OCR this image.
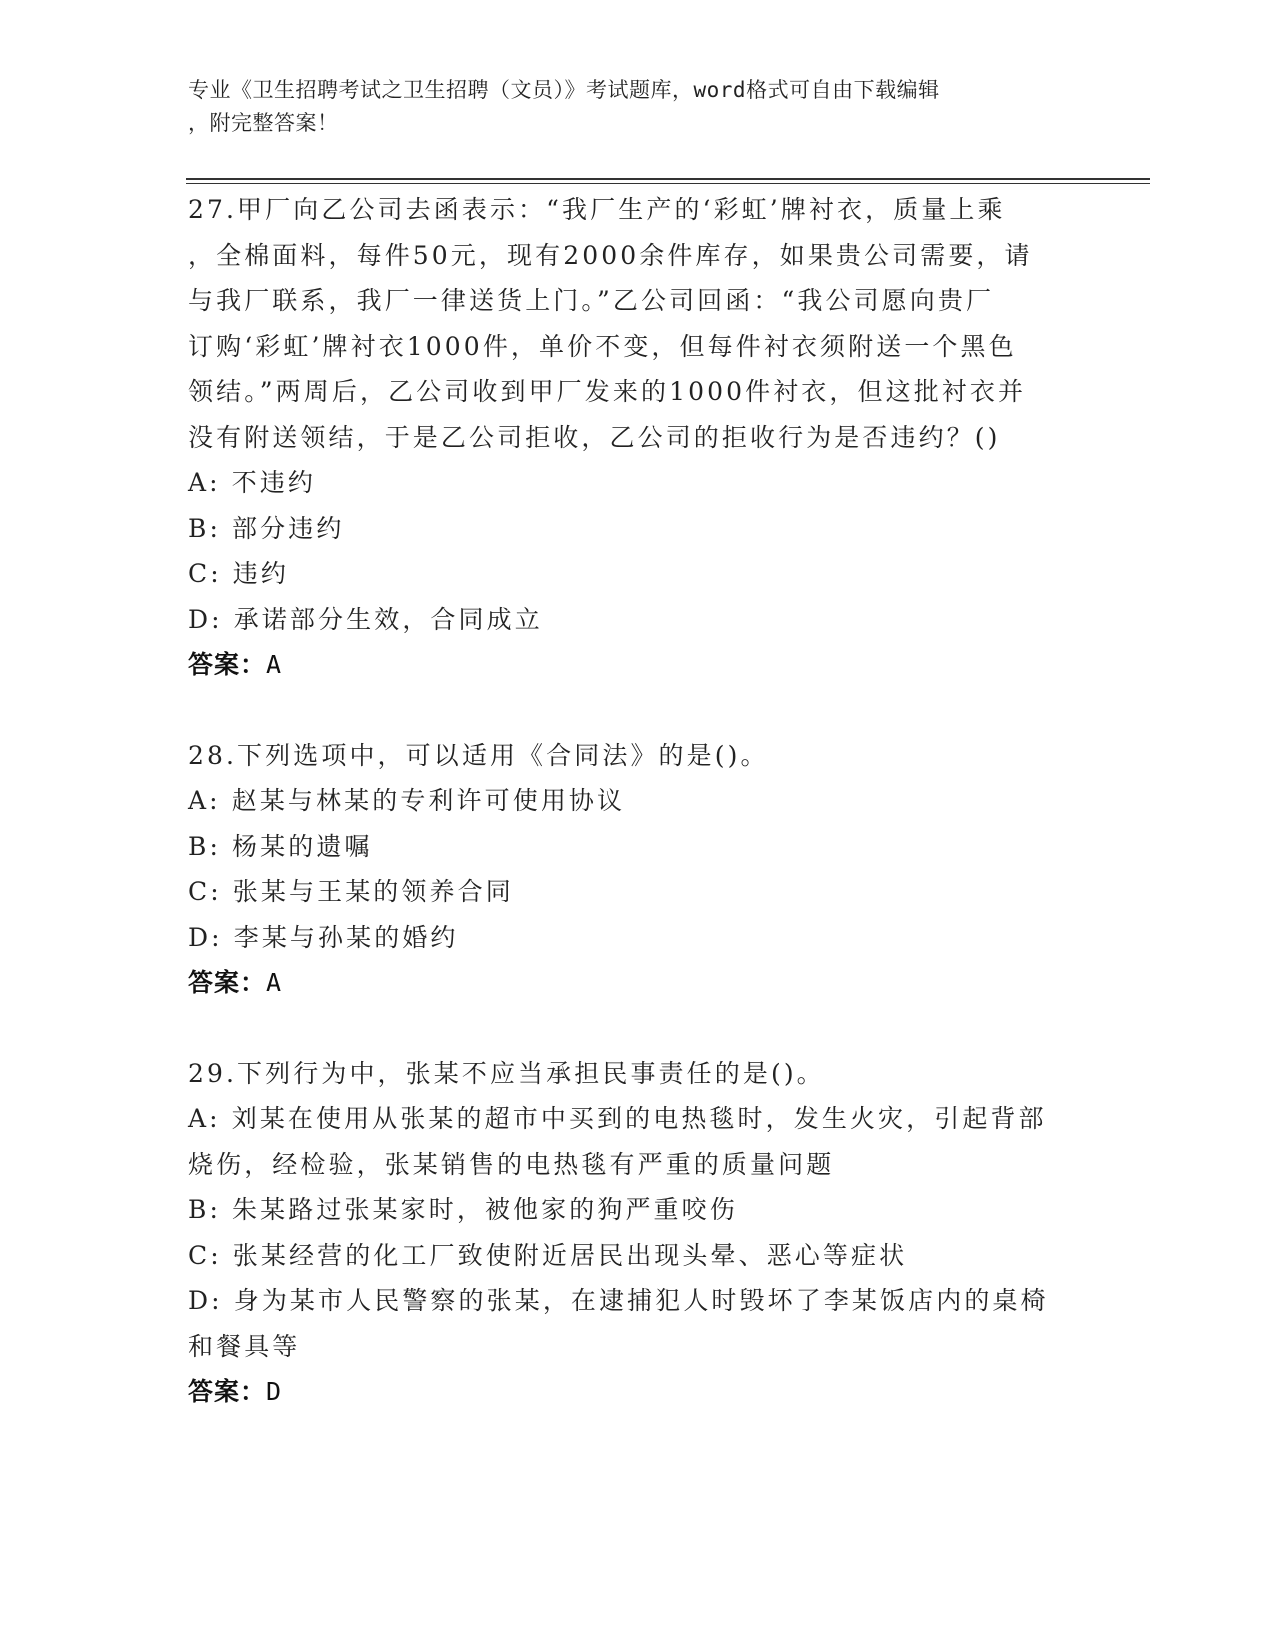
专业《卫生招聘考试之卫生招聘（文员）》考试题库，word格式可自由下载编辑
，附完整答案！
27.甲厂向乙公司去函表示：“我厂生产的‘彩虹’牌衬衣，质量上乘
，全棉面料，每件50元，现有2000余件库存，如果贵公司需要，请
与我厂联系，我厂一律送货上门。”乙公司回函：“我公司愿向贵厂
订购‘彩虹’牌衬衣1000件，单价不变，但每件衬衣须附送一个黑色
领结。”两周后，乙公司收到甲厂发来的1000件衬衣，但这批衬衣并
没有附送领结，于是乙公司拒收，乙公司的拒收行为是否违约？()
A: 不违约
B: 部分违约
C: 违约
D: 承诺部分生效，合同成立
答案：A
28.下列选项中，可以适用《合同法》的是()。
A: 赵某与林某的专利许可使用协议
B: 杨某的遗嘱
C: 张某与王某的领养合同
D: 李某与孙某的婚约
答案：A
29.下列行为中，张某不应当承担民事责任的是()。
A: 刘某在使用从张某的超市中买到的电热毯时，发生火灾，引起背部
烧伤，经检验，张某销售的电热毯有严重的质量问题
B: 朱某路过张某家时，被他家的狗严重咬伤
C: 张某经营的化工厂致使附近居民出现头晕、恶心等症状
D: 身为某市人民警察的张某，在逮捕犯人时毁坏了李某饭店内的桌椅
和餐具等
答案：D
